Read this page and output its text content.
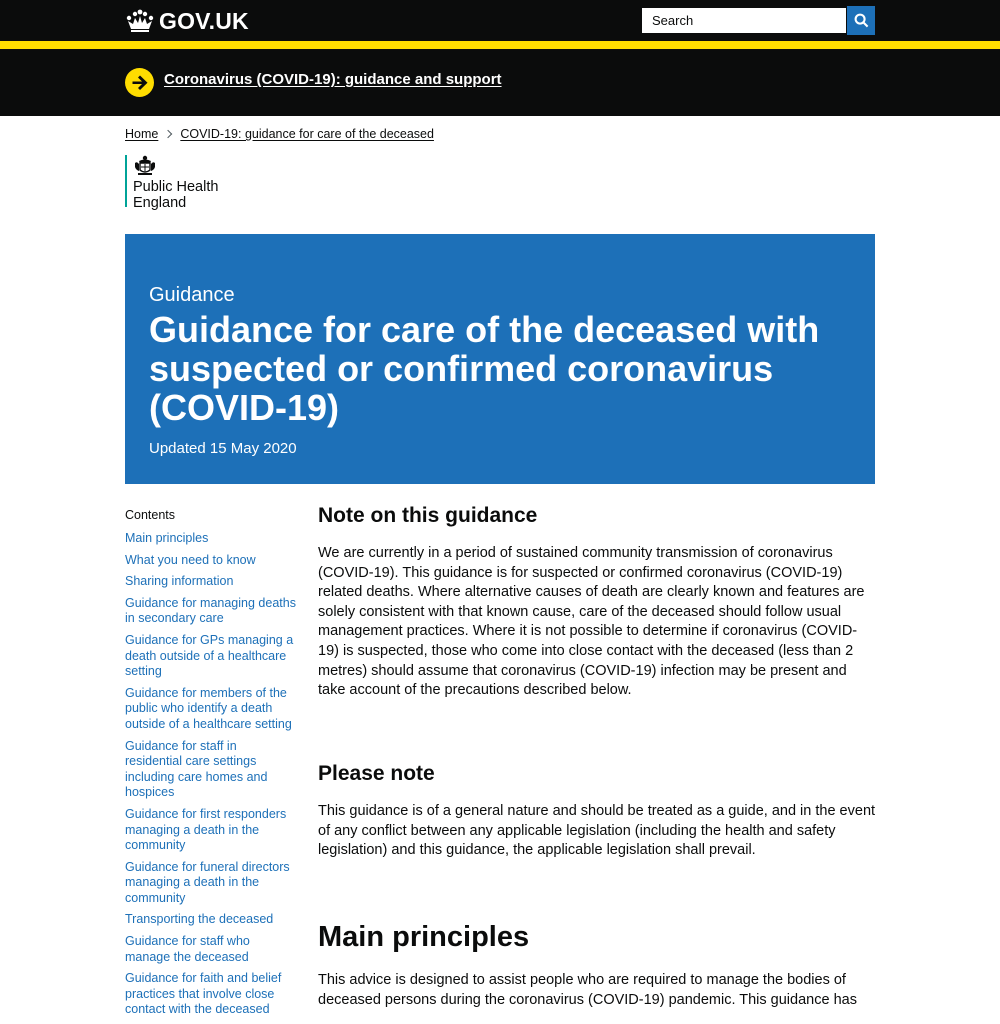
GOV.UK
Search
Coronavirus (COVID-19): guidance and support
Home COVID-19: guidance for care of the deceased
Public Health
England
Guidance
Guidance for care of the deceased with suspected or confirmed coronavirus (COVID-19)
Updated 15 May 2020
Contents
Main principles
What you need to know
Sharing information
Guidance for managing deaths in secondary care
Guidance for GPs managing a death outside of a healthcare setting
Guidance for members of the public who identify a death outside of a healthcare setting
Guidance for staff in residential care settings including care homes and hospices
Guidance for first responders managing a death in the community
Guidance for funeral directors managing a death in the community
Transporting the deceased
Guidance for staff who manage the deceased
Guidance for faith and belief practices that involve close contact with the deceased
Note on this guidance

We are currently in a period of sustained community transmission of coronavirus (COVID-19). This guidance is for suspected or confirmed coronavirus (COVID-19) related deaths. Where alternative causes of death are clearly known and features are solely consistent with that known cause, care of the deceased should follow usual management practices. Where it is not possible to determine if coronavirus (COVID-19) is suspected, those who come into close contact with the deceased (less than 2 metres) should assume that coronavirus (COVID-19) infection may be present and take account of the precautions described below.

Please note

This guidance is of a general nature and should be treated as a guide, and in the event of any conflict between any applicable legislation (including the health and safety legislation) and this guidance, the applicable legislation shall prevail.

Main principles

This advice is designed to assist people who are required to manage the bodies of deceased persons during the coronavirus (COVID-19) pandemic. This guidance has
